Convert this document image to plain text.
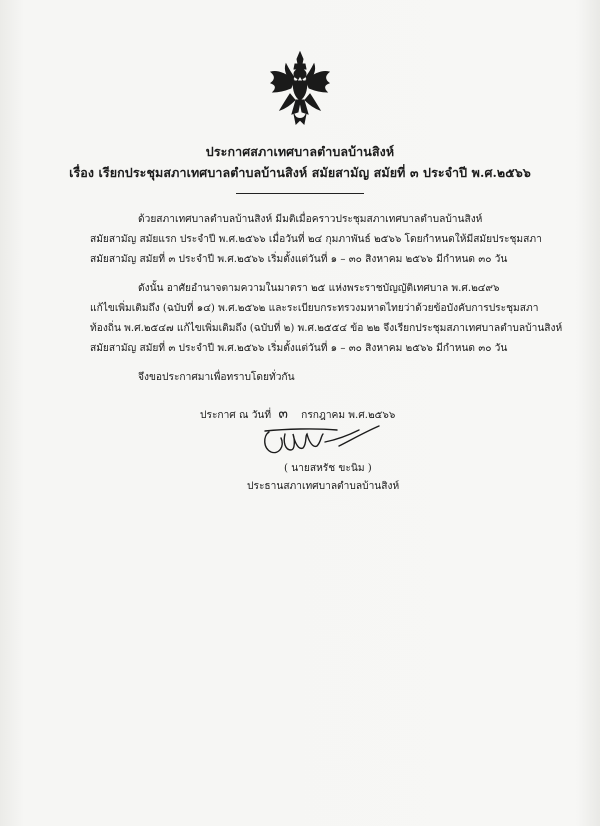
ประกาศสภาเทศบาลตำบลบ้านสิงห์
เรื่อง เรียกประชุมสภาเทศบาลตำบลบ้านสิงห์ สมัยสามัญ สมัยที่ ๓ ประจำปี พ.ศ.๒๕๖๖
ด้วยสภาเทศบาลตำบลบ้านสิงห์ มีมติเมื่อคราวประชุมสภาเทศบาลตำบลบ้านสิงห์
สมัยสามัญ สมัยแรก ประจำปี พ.ศ.๒๕๖๖ เมื่อวันที่ ๒๔ กุมภาพันธ์ ๒๕๖๖ โดยกำหนดให้มีสมัยประชุมสภา
สมัยสามัญ สมัยที่ ๓ ประจำปี พ.ศ.๒๕๖๖ เริ่มตั้งแต่วันที่ ๑ – ๓๐ สิงหาคม ๒๕๖๖ มีกำหนด ๓๐ วัน
ดังนั้น อาศัยอำนาจตามความในมาตรา ๒๕ แห่งพระราชบัญญัติเทศบาล พ.ศ.๒๔๙๖
แก้ไขเพิ่มเติมถึง (ฉบับที่ ๑๔) พ.ศ.๒๕๖๒ และระเบียบกระทรวงมหาดไทยว่าด้วยข้อบังคับการประชุมสภา
ท้องถิ่น พ.ศ.๒๕๔๗ แก้ไขเพิ่มเติมถึง (ฉบับที่ ๒) พ.ศ.๒๕๕๔ ข้อ ๒๒ จึงเรียกประชุมสภาเทศบาลตำบลบ้านสิงห์
สมัยสามัญ สมัยที่ ๓ ประจำปี พ.ศ.๒๕๖๖ เริ่มตั้งแต่วันที่ ๑ – ๓๐ สิงหาคม ๒๕๖๖ มีกำหนด ๓๐ วัน
จึงขอประกาศมาเพื่อทราบโดยทั่วกัน
ประกาศ ณ วันที่ ๓ กรกฎาคม พ.ศ.๒๕๖๖
( นายสหรัช ขะนิม )
ประธานสภาเทศบาลตำบลบ้านสิงห์
